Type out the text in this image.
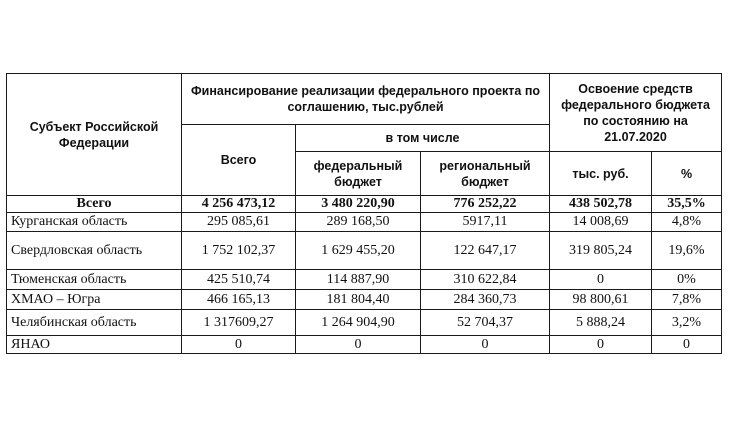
Субъект Российской Федерации	Финансирование реализации федерального проекта по соглашению, тыс.рублей			Освоение средств федерального бюджета по состоянию на 21.07.2020	
	Всего	в том числе			
		федеральный бюджет	региональный бюджет	тыс. руб.	%
Всего	4 256 473,12	3 480 220,90	776 252,22	438 502,78	35,5%
Курганская область	295 085,61	289 168,50	5917,11	14 008,69	4,8%
Свердловская область	1 752 102,37	1 629 455,20	122 647,17	319 805,24	19,6%
Тюменская область	425 510,74	114 887,90	310 622,84	0	0%
ХМАО – Югра	466 165,13	181 804,40	284 360,73	98 800,61	7,8%
Челябинская область	1 317609,27	1 264 904,90	52 704,37	5 888,24	3,2%
ЯНАО	0	0	0	0	0
